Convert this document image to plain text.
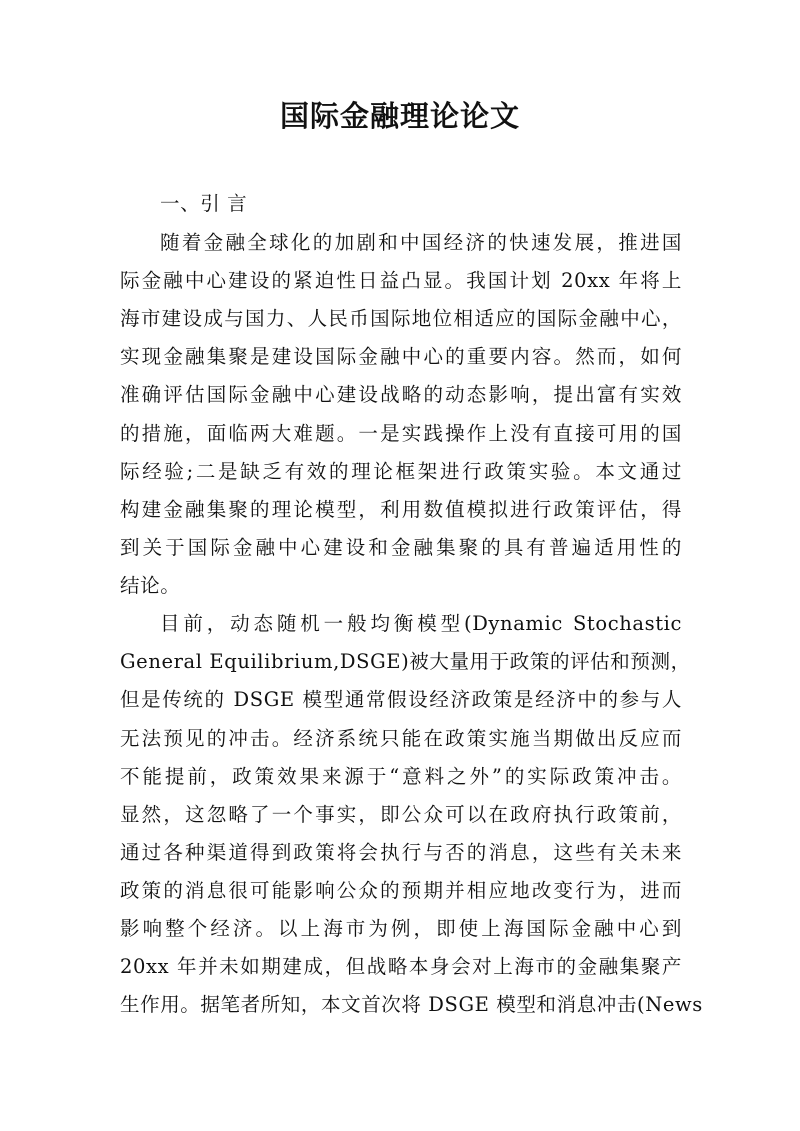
国际金融理论论文
一、引 言
随着金融全球化的加剧和中国经济的快速发展，推进国
际金融中心建设的紧迫性日益凸显。我国计划 20xx 年将上
海市建设成与国力、人民币国际地位相适应的国际金融中心，
实现金融集聚是建设国际金融中心的重要内容。然而，如何
准确评估国际金融中心建设战略的动态影响，提出富有实效
的措施，面临两大难题。一是实践操作上没有直接可用的国
际经验;二是缺乏有效的理论框架进行政策实验。本文通过
构建金融集聚的理论模型，利用数值模拟进行政策评估，得
到关于国际金融中心建设和金融集聚的具有普遍适用性的
结论。
目前，动态随机一般均衡模型(Dynamic Stochastic
General Equilibrium,DSGE)被大量用于政策的评估和预测，
但是传统的 DSGE 模型通常假设经济政策是经济中的参与人
无法预见的冲击。经济系统只能在政策实施当期做出反应而
不能提前，政策效果来源于“意料之外”的实际政策冲击。
显然，这忽略了一个事实，即公众可以在政府执行政策前，
通过各种渠道得到政策将会执行与否的消息，这些有关未来
政策的消息很可能影响公众的预期并相应地改变行为，进而
影响整个经济。以上海市为例，即使上海国际金融中心到
20xx 年并未如期建成，但战略本身会对上海市的金融集聚产
生作用。据笔者所知，本文首次将 DSGE 模型和消息冲击(News
